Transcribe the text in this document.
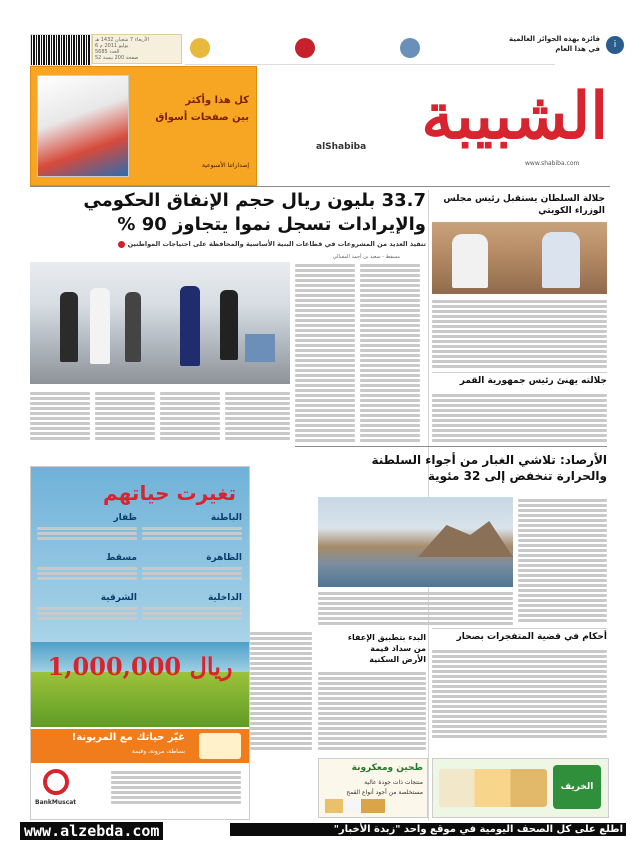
الأربعاء 7 شعبان 1432 هـ
6 يوليو 2011 م
العدد 5685
52 صفحة 200 بيسة
فائزة بهذه الجوائز العالمية في هذا العام	i
كل هذا وأكثر
بين صفحات أسواق
إصداراتنا الأسبوعية
الشبيبة
alShabiba
www.shabiba.com
33.7 بليون ريال حجم الإنفاق الحكومي
والإيرادات تسجل نموا يتجاوز 90 %
تنفيذ العديد من المشروعات في قطاعات البنية الأساسية والمحافظة على احتياجات المواطنين
مسقط - سعيد بن أحمد المقبالي
جلالة السلطان يستقبل رئيس مجلس الوزراء الكويتي
جلالته يهنئ رئيس جمهورية القمر
الأرصاد: تلاشي الغبار من أجواء السلطنة
والحرارة تنخفض إلى 32 مئوية
أحكام في قضية المتفجرات بصحار
البدء بتطبيق الإعفاء
من سداد قيمة
الأرض السكنية
تغيرت حياتهم
الباطنة
ظفار
الظاهرة
مسقط
الداخلية
الشرقية
1,000,000 ريال
غيّر حياتك مع المريونة!
بساطة، مرونة، وقيمة
BankMuscat
طحين ومعكرونة
منتجات ذات جودة عالية
مستخلصة من أجود أنواع القمح
الخريف
www.alzebda.com	اطلع على كل الصحف اليومية في موقع واحد "زبدة الأخبار"
